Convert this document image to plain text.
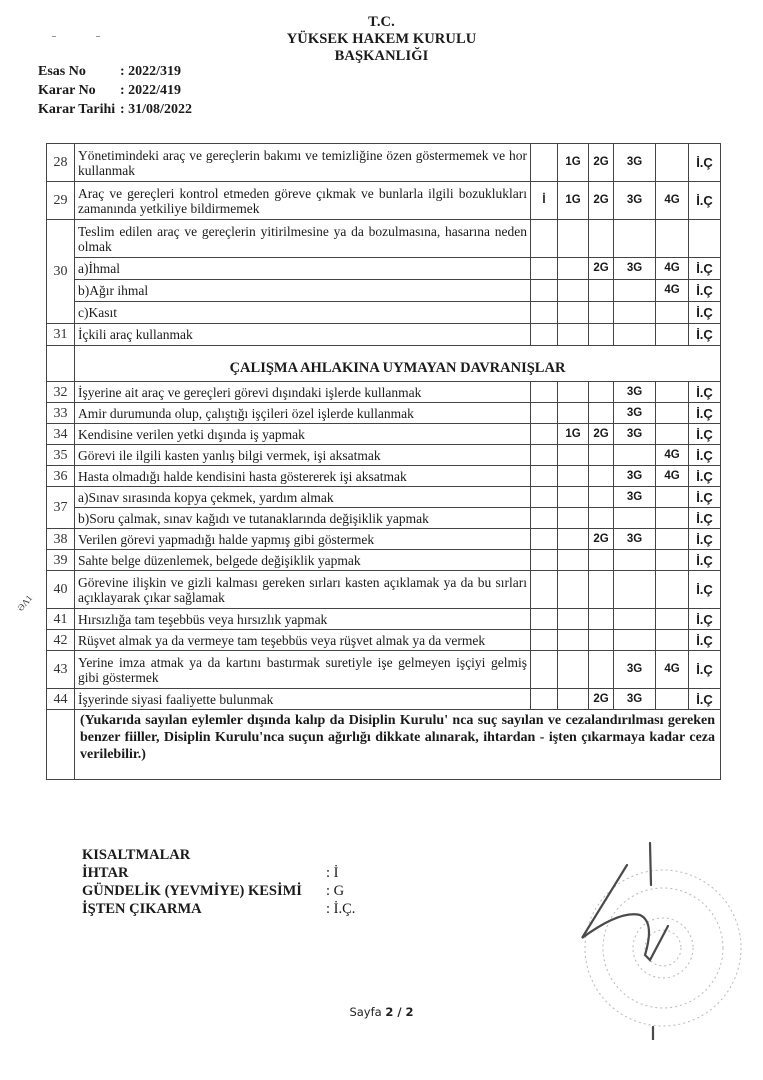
T.C.
YÜKSEK HAKEM KURULU
BAŞKANLIĞI
Esas No	: 2022/319
Karar No	: 2022/419
Karar Tarihi : 31/08/2022
28	Yönetimindeki araç ve gereçlerin bakımı ve temizliğine özen göstermemek ve hor kullanmak		1G	2G	3G		İ.Ç
29	Araç ve gereçleri kontrol etmeden göreve çıkmak ve bunlarla ilgili bozuklukları zamanında yetkiliye bildirmemek	İ	1G	2G	3G	4G	İ.Ç
30	Teslim edilen araç ve gereçlerin yitirilmesine ya da bozulmasına, hasarına neden olmak						
	a)İhmal			2G	3G	4G	İ.Ç
	b)Ağır ihmal					4G	İ.Ç
	c)Kasıt						İ.Ç
31	İçkili araç kullanmak						İ.Ç
	ÇALIŞMA AHLAKINA UYMAYAN DAVRANIŞLAR						
32	İşyerine ait araç ve gereçleri görevi dışındaki işlerde kullanmak				3G		İ.Ç
33	Amir durumunda olup, çalıştığı işçileri özel işlerde kullanmak				3G		İ.Ç
34	Kendisine verilen yetki dışında iş yapmak		1G	2G	3G		İ.Ç
35	Görevi ile ilgili kasten yanlış bilgi vermek, işi aksatmak					4G	İ.Ç
36	Hasta olmadığı halde kendisini hasta göstererek işi aksatmak				3G	4G	İ.Ç
37	a)Sınav sırasında kopya çekmek, yardım almak				3G		İ.Ç
	b)Soru çalmak, sınav kağıdı ve tutanaklarında değişiklik yapmak						İ.Ç
38	Verilen görevi yapmadığı halde yapmış gibi göstermek			2G	3G		İ.Ç
39	Sahte belge düzenlemek, belgede değişiklik yapmak						İ.Ç
40	Görevine ilişkin ve gizli kalması gereken sırları kasten açıklamak ya da bu sırları açıklayarak çıkar sağlamak						İ.Ç
41	Hırsızlığa tam teşebbüs veya hırsızlık yapmak						İ.Ç
42	Rüşvet almak ya da vermeye tam teşebbüs veya rüşvet almak ya da vermek						İ.Ç
43	Yerine imza atmak ya da kartını bastırmak suretiyle işe gelmeyen işçiyi gelmiş gibi göstermek				3G	4G	İ.Ç
44	İşyerinde siyasi faaliyette bulunmak			2G	3G		İ.Ç
	(Yukarıda sayılan eylemler dışında kalıp da Disiplin Kurulu' nca suç sayılan ve cezalandırılması gereken benzer fiiller, Disiplin Kurulu'nca suçun ağırlığı dikkate alınarak, ihtardan - işten çıkarmaya kadar ceza verilebilir.)						
ƏΛ1
KISALTMALAR
İHTAR	: İ
GÜNDELİK (YEVMİYE) KESİMİ	: G
İŞTEN ÇIKARMA	: İ.Ç.
Sayfa 2 / 2
